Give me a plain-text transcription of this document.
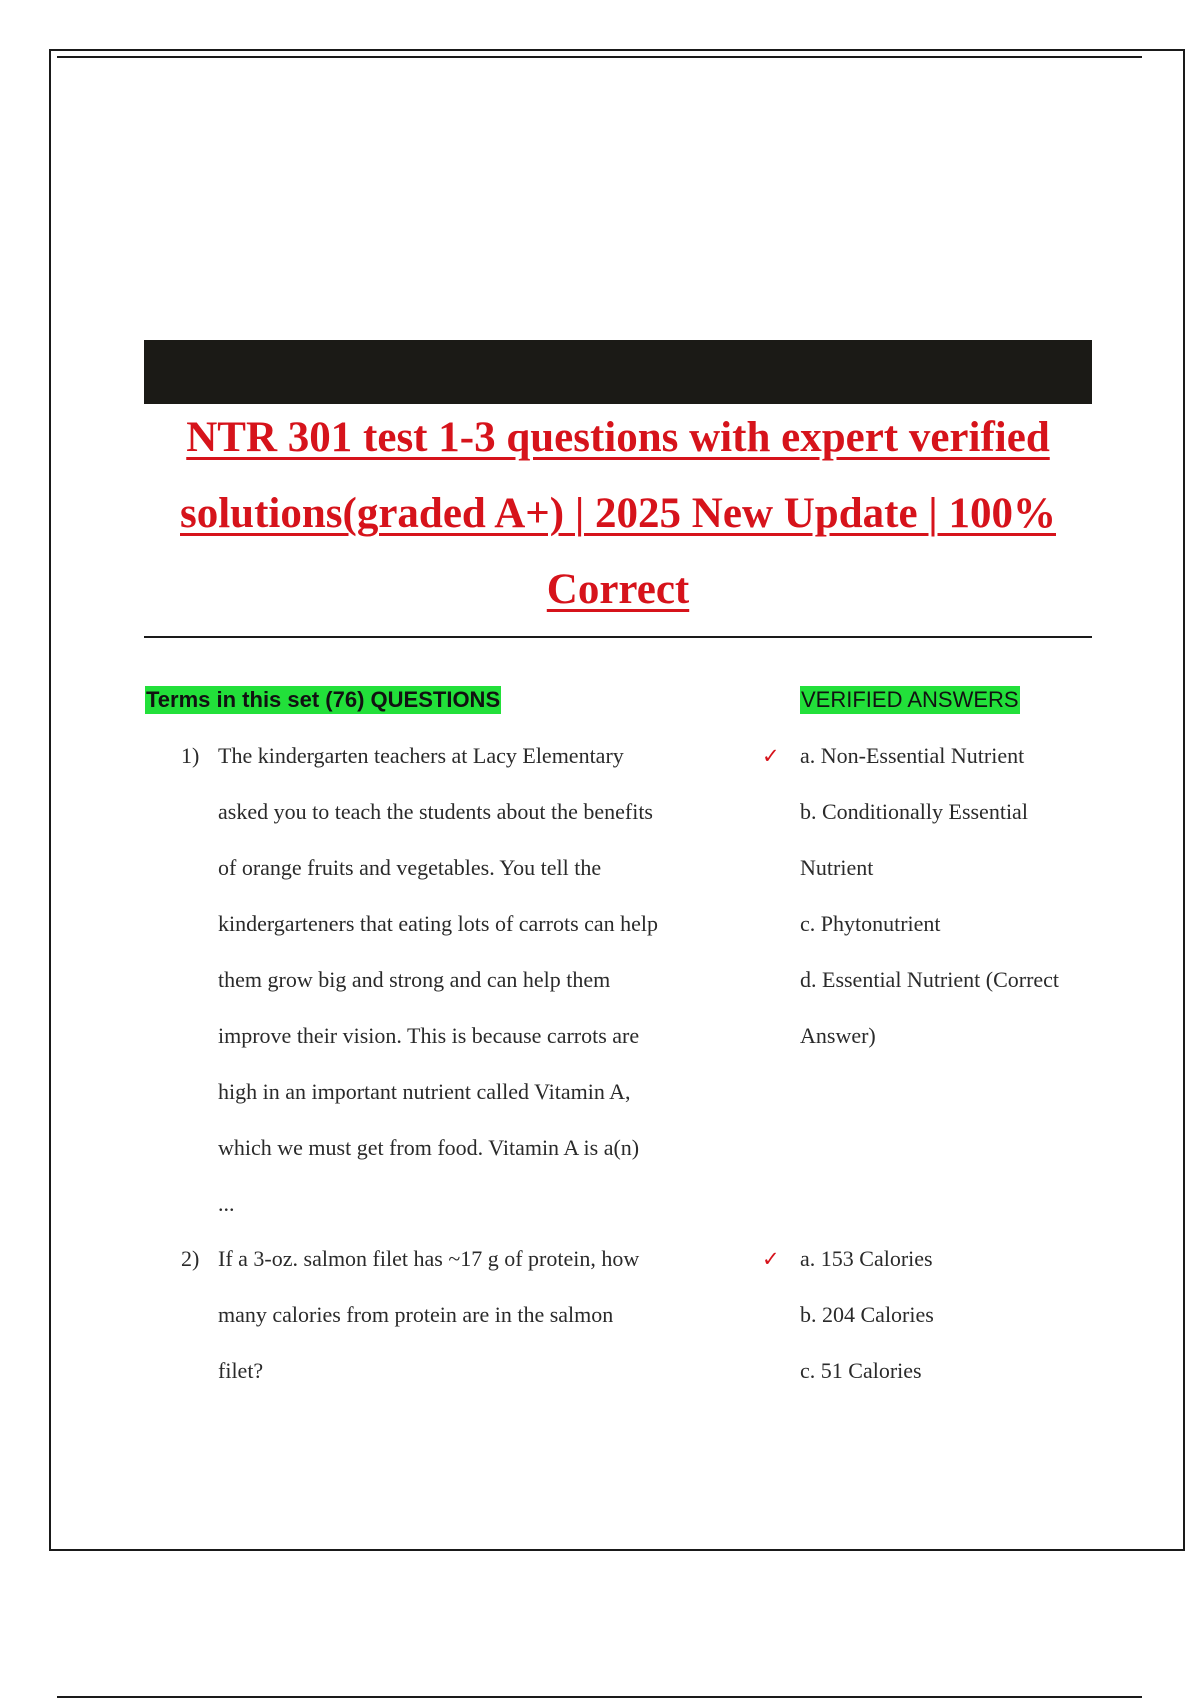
NTR 301 test 1-3 questions with expert verified
solutions(graded A+) | 2025 New Update | 100%
Correct
Terms in this set (76) QUESTIONS	VERIFIED ANSWERS
1) The kindergarten teachers at Lacy Elementary
asked you to teach the students about the benefits
of orange fruits and vegetables. You tell the
kindergarteners that eating lots of carrots can help
them grow big and strong and can help them
improve their vision. This is because carrots are
high in an important nutrient called Vitamin A,
which we must get from food. Vitamin A is a(n)
...

✓ a. Non-Essential Nutrient
b. Conditionally Essential
Nutrient
c. Phytonutrient
d. Essential Nutrient (Correct
Answer)
2) If a 3-oz. salmon filet has ~17 g of protein, how
many calories from protein are in the salmon
filet?

✓ a. 153 Calories
b. 204 Calories
c. 51 Calories
